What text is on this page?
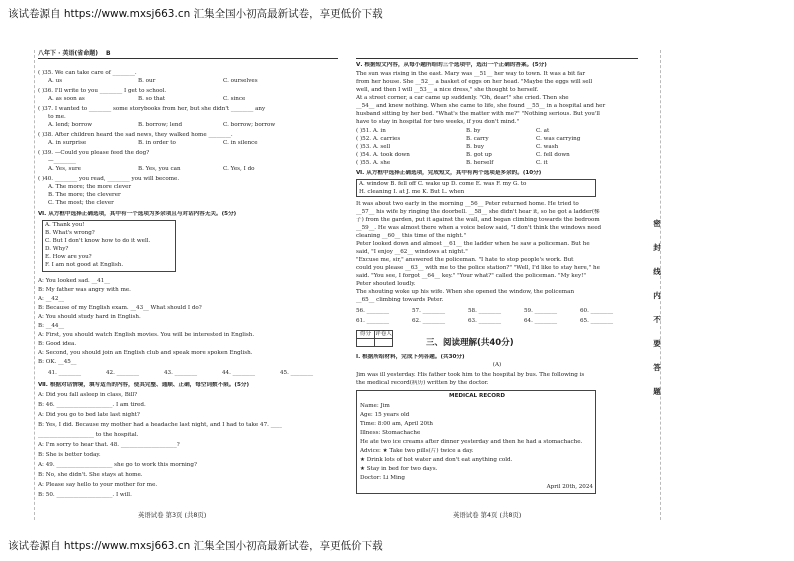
该试卷源自 https://www.mxsj663.cn 汇集全国小初高最新试卷，享更低价下载
该试卷源自 https://www.mxsj663.cn 汇集全国小初高最新试卷，享更低价下载
八年下 · 英语(省命题) B
( )35. We can take care of ________.
A. us	B. our	C. ourselves
( )36. I'll write to you ________ I get to school.
A. as soon as	B. so that	C. since
( )37. I wanted to ________ some storybooks from her, but she didn't ________ any
to me.
A. lend; borrow	B. borrow; lend	C. borrow; borrow
( )38. After children heard the sad news, they walked home ________.
A. in surprise	B. in order to	C. in silence
( )39. —Could you please feed the dog?
—________
A. Yes, sure	B. Yes, you can	C. Yes, I do
( )40. ________ you read, ________ you will become.
A. The more; the more clever
B. The more; the cleverer
C. The most; the clever
Ⅵ. 从方框中选择正确选项，其中有一个选项为多余项且与对话内容无关。(5分)
A. Thank you!
B. What's wrong?
C. But I don't know how to do it well.
D. Why?
E. How are you?
F. I am not good at English.
A: You looked sad. __41__
B: My father was angry with me.
A: __42__
B: Because of my English exam. __43__ What should I do?
A: You should study hard in English.
B: __44__
A: First, you should watch English movies. You will be interested in English.
B: Good idea.
A: Second, you should join an English club and speak more spoken English.
B: OK. __45__
41. ________	42. ________	43. ________	44. ________	45. ________
Ⅶ. 根据对话情境，填写适当的内容，使其完整、通顺、正确，每空词数不限。(5分)
A: Did you fall asleep in class, Bill?
B: 46. ____________________. I am tired.
A: Did you go to bed late last night?
B: Yes, I did. Because my mother had a headache last night, and I had to take 47. ____
____________________ to the hospital.
A: I'm sorry to hear that. 48. ____________________?
B: She is better today.
A: 49. ____________________ she go to work this morning?
B: No, she didn't. She stays at home.
A: Please say hello to your mother for me.
B: 50. ____________________. I will.
英语试卷 第3页 (共8页)
Ⅴ. 根据短文内容，从每小题所给的三个选项中，选出一个正确的答案。(5分)
The sun was rising in the east. Mary was __51__ her way to town. It was a bit far
from her house. She __52__ a basket of eggs on her head. "Maybe the eggs will sell
well, and then I will __53__ a nice dress," she thought to herself.
At a street corner, a car came up suddenly. "Oh, dear!" she cried. Then she
__54__ and knew nothing. When she came to life, she found __55__ in a hospital and her
husband sitting by her bed. "What's the matter with me?" "Nothing serious. But you'll
have to stay in hospital for two weeks, if you don't mind."
( )51. A. in	B. by	C. at
( )52. A. carries	B. carry	C. was carrying
( )53. A. sell	B. buy	C. wash
( )54. A. took down	B. got up	C. fell down
( )55. A. she	B. herself	C. it
Ⅵ. 从方框中选择正确选项，完成短文，其中有两个选项是多余的。(10分)
A. window B. fell off C. wake up D. come E. was F. my G. to
H. cleaning I. at J. me K. But L. when
It was about two early in the morning __56__ Peter returned home. He tried to
__57__ his wife by ringing the doorbell. __58__ she didn't hear it, so he got a ladder(梯
子) from the garden, put it against the wall, and began climbing towards the bedroom
__59__. He was almost there when a voice below said, "I don't think the windows need
cleaning __60__ this time of the night."
Peter looked down and almost __61__ the ladder when he saw a policeman. But he
said, "I enjoy __62__ windows at night."
"Excuse me, sir," answered the policeman. "I hate to stop people's work. But
could you please __63__ with me to the police station?" "Well, I'd like to stay here," he
said. "You see, I forgot __64__ key." "Your what?" called the policeman. "My key!"
Peter shouted loudly.
The shouting woke up his wife. When she opened the window, the policeman
__65__ climbing towards Peter.
56. ________	57. ________	58. ________	59. ________	60. ________
61. ________	62. ________	63. ________	64. ________	65. ________
得分	评卷人

三、阅读理解(共40分)
Ⅰ. 根据所给材料，完成下列各题。(共30分)
(A)
Jim was ill yesterday. His father took him to the hospital by bus. The following is
the medical record(病历) written by the doctor.
MEDICAL RECORD
Name: Jim
Age: 15 years old
Time: 8:00 am, April 20th
Illness: Stomachache
He ate two ice creams after dinner yesterday and then he had a stomachache.
Advice: ★ Take two pills(片) twice a day.
★ Drink lots of hot water and don't eat anything cold.
★ Stay in bed for two days.
Doctor: Li Ming
April 20th, 2024
英语试卷 第4页 (共8页)
密
封
线
内
不
要
答
题
